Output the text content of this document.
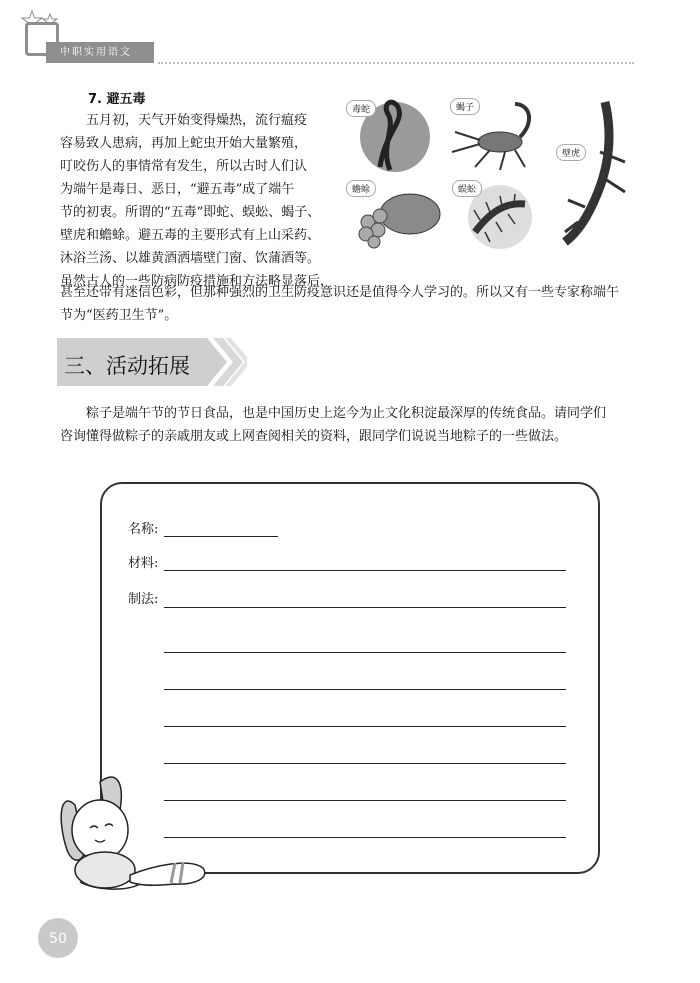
中职实用语文
7. 避五毒
五月初，天气开始变得燥热，流行瘟疫
容易致人患病，再加上蛇虫开始大量繁殖，
叮咬伤人的事情常有发生，所以古时人们认
为端午是毒日、恶日，“避五毒”成了端午
节的初衷。所谓的“五毒”即蛇、蜈蚣、蝎子、
壁虎和蟾蜍。避五毒的主要形式有上山采药、
沐浴兰汤、以雄黄酒洒墙壁门窗、饮蒲酒等。
虽然古人的一些防病防疫措施和方法略显落后，
毒蛇	蝎子
壁虎
蟾蜍	蜈蚣
甚至还带有迷信色彩，但那种强烈的卫生防疫意识还是值得今人学习的。所以又有一些专家称端午
节为“医药卫生节”。
三、活动拓展
粽子是端午节的节日食品，也是中国历史上迄今为止文化积淀最深厚的传统食品。请同学们
咨询懂得做粽子的亲戚朋友或上网查阅相关的资料，跟同学们说说当地粽子的一些做法。
名称:
材料:
制法:
50
